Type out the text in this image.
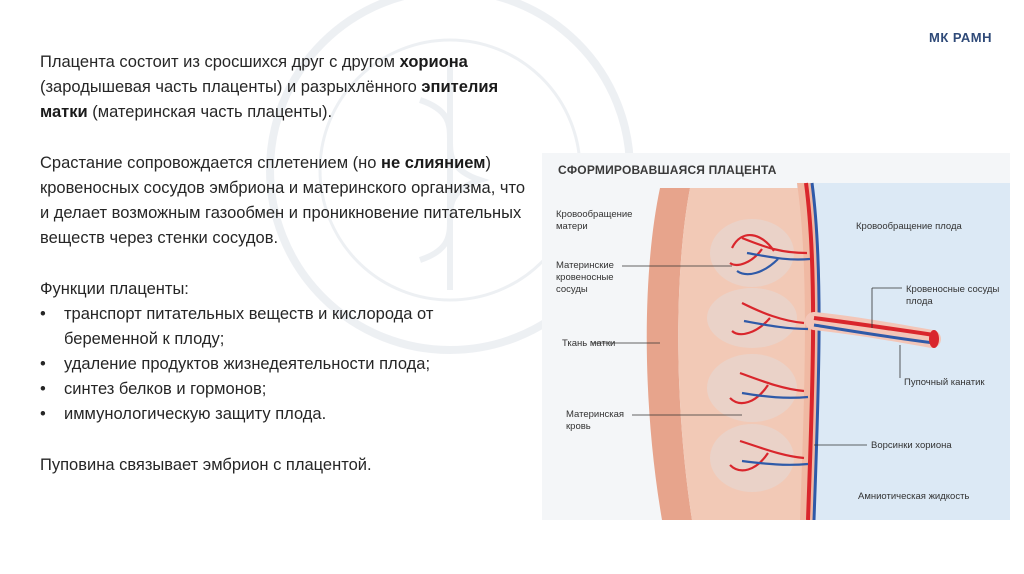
МК РАМН

Плацента состоит из сросшихся друг с другом хориона (зародышевая часть плаценты) и разрыхлённого эпителия матки (материнская часть плаценты).

Срастание сопровождается сплетением (но не слиянием) кровеносных сосудов эмбриона и материнского организма, что и делает возможным газообмен и проникновение питательных веществ через стенки сосудов.

Функции плаценты:

• транспорт питательных веществ и кислорода от беременной к плоду;
• удаление продуктов жизнедеятельности плода;
• синтез белков и гормонов;
• иммунологическую защиту плода.

Пуповина связывает эмбрион с плацентой.

СФОРМИРОВАВШАЯСЯ ПЛАЦЕНТА
Кровообращение матери	Кровообращение плода
Материнские кровеносные сосуды	Кровеносные сосуды плода
Ткань матки
Пупочный канатик
Материнская кровь
Ворсинки хориона
Амниотическая жидкость
